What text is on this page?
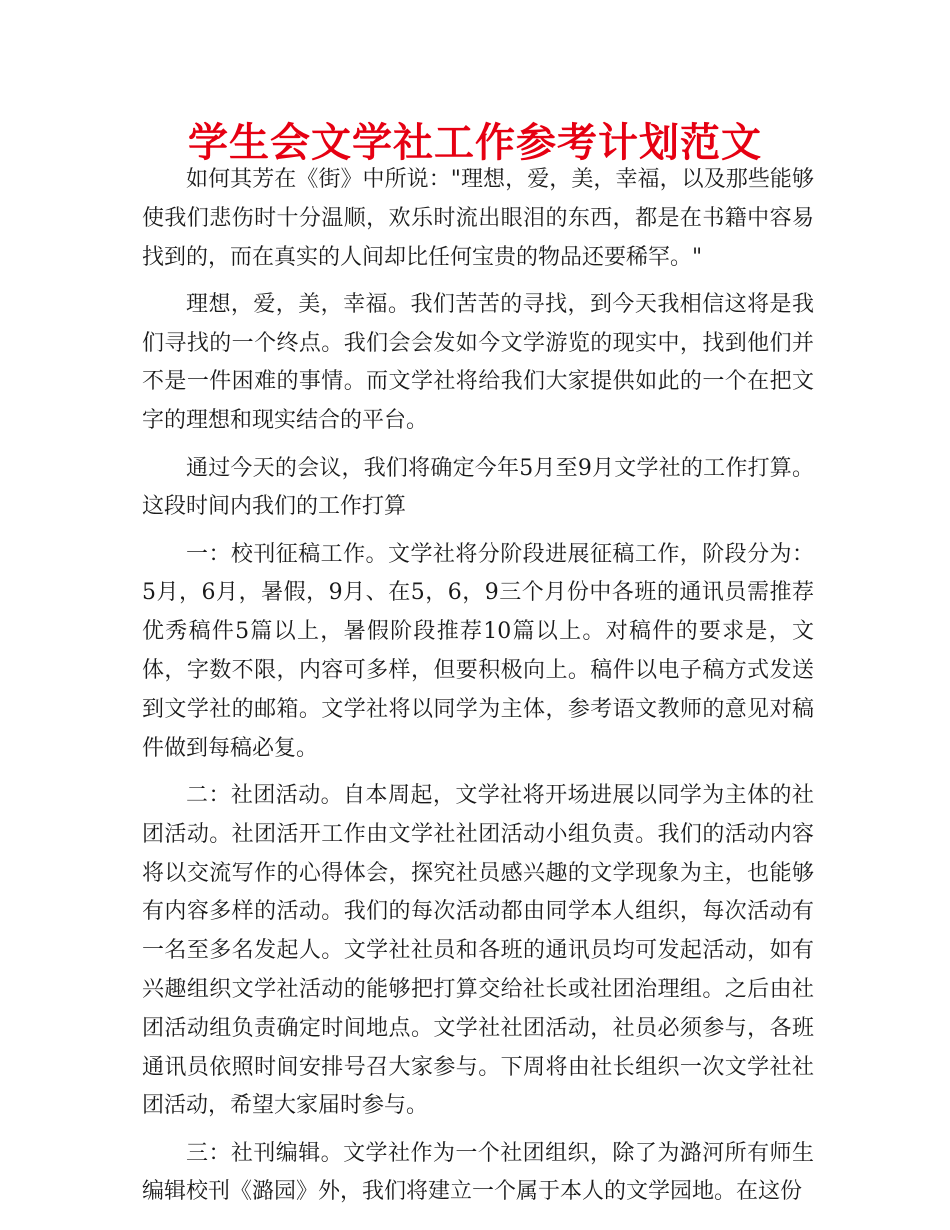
学生会文学社工作参考计划范文

如何其芳在《街》中所说："理想，爱，美，幸福，以及那些能够使我们悲伤时十分温顺，欢乐时流出眼泪的东西，都是在书籍中容易找到的，而在真实的人间却比任何宝贵的物品还要稀罕。"

理想，爱，美，幸福。我们苦苦的寻找，到今天我相信这将是我们寻找的一个终点。我们会会发如今文学游览的现实中，找到他们并不是一件困难的事情。而文学社将给我们大家提供如此的一个在把文字的理想和现实结合的平台。

通过今天的会议，我们将确定今年5月至9月文学社的工作打算。这段时间内我们的工作打算

一：校刊征稿工作。文学社将分阶段进展征稿工作，阶段分为：5月，6月，暑假，9月、在5，6，9三个月份中各班的通讯员需推荐优秀稿件5篇以上，暑假阶段推荐10篇以上。对稿件的要求是，文体，字数不限，内容可多样，但要积极向上。稿件以电子稿方式发送到文学社的邮箱。文学社将以同学为主体，参考语文教师的意见对稿件做到每稿必复。

二：社团活动。自本周起，文学社将开场进展以同学为主体的社团活动。社团活开工作由文学社社团活动小组负责。我们的活动内容将以交流写作的心得体会，探究社员感兴趣的文学现象为主，也能够有内容多样的活动。我们的每次活动都由同学本人组织，每次活动有一名至多名发起人。文学社社员和各班的通讯员均可发起活动，如有兴趣组织文学社活动的能够把打算交给社长或社团治理组。之后由社团活动组负责确定时间地点。文学社社团活动，社员必须参与，各班通讯员依照时间安排号召大家参与。下周将由社长组织一次文学社社团活动，希望大家届时参与。

三：社刊编辑。文学社作为一个社团组织，除了为潞河所有师生编辑校刊《潞园》外，我们将建立一个属于本人的文学园地。在这份
